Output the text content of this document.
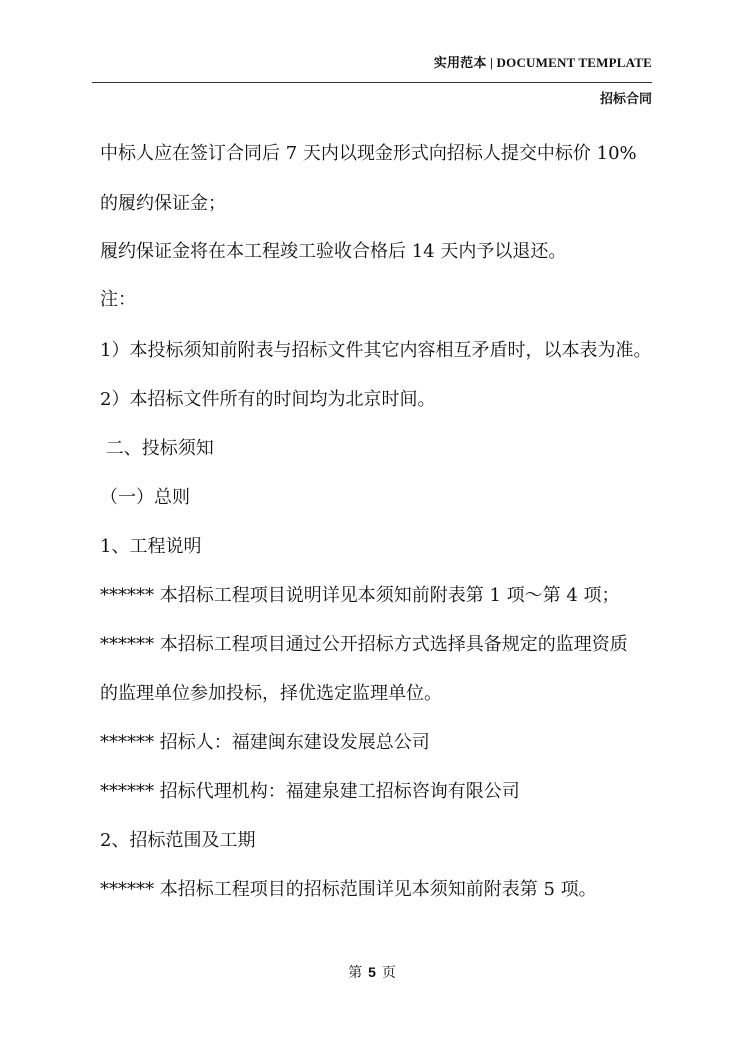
实用范本 | DOCUMENT TEMPLATE
招标合同
中标人应在签订合同后 7 天内以现金形式向招标人提交中标价 10%
的履约保证金；
履约保证金将在本工程竣工验收合格后 14 天内予以退还。
注：
1）本投标须知前附表与招标文件其它内容相互矛盾时，以本表为准。
2）本招标文件所有的时间均为北京时间。
二、投标须知
（一）总则
1、工程说明
****** 本招标工程项目说明详见本须知前附表第 1 项～第 4 项；
****** 本招标工程项目通过公开招标方式选择具备规定的监理资质
的监理单位参加投标，择优选定监理单位。
****** 招标人：福建闽东建设发展总公司
****** 招标代理机构：福建泉建工招标咨询有限公司
2、招标范围及工期
****** 本招标工程项目的招标范围详见本须知前附表第 5 项。
第 5 页
